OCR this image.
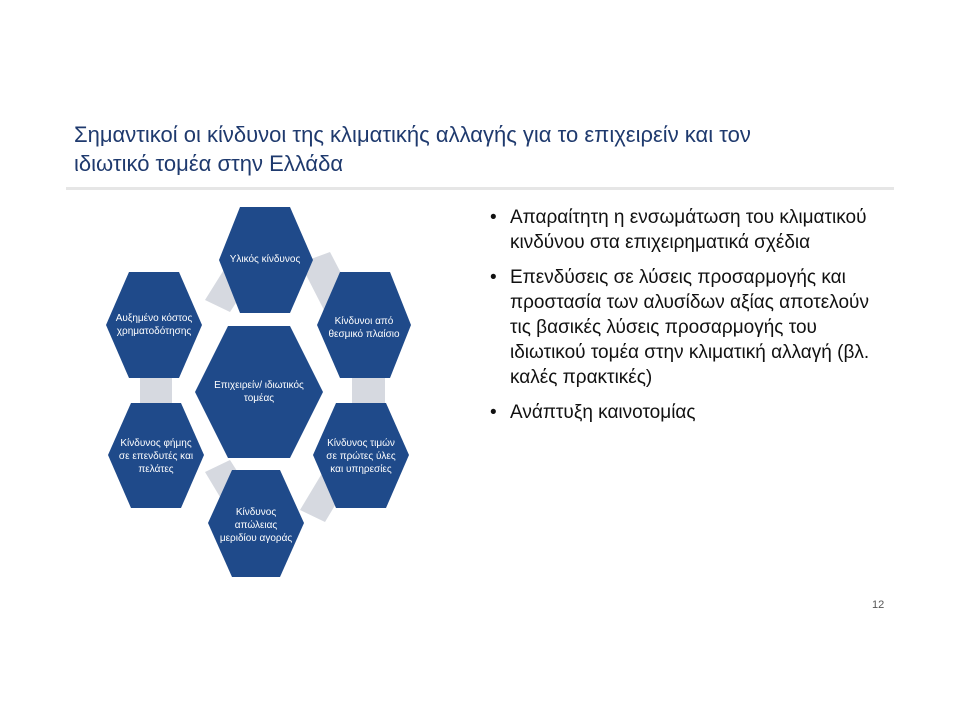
Σημαντικοί οι κίνδυνοι της κλιματικής αλλαγής για το επιχειρείν και τον
ιδιωτικό τομέα στην Ελλάδα
Υλικός κίνδυνος
Κίνδυνοι από
θεσμικό πλαίσιο
Κίνδυνος τιμών
σε πρώτες ύλες
και υπηρεσίες
Κίνδυνος
απώλειας
μεριδίου αγοράς
Κίνδυνος φήμης
σε επενδυτές και
πελάτες
Αυξημένο κόστος
χρηματοδότησης
Επιχειρείν/ ιδιωτικός
τομέας
• Απαραίτητη η ενσωμάτωση του κλιματικού κινδύνου στα επιχειρηματικά σχέδια
• Επενδύσεις σε λύσεις προσαρμογής και προστασία των αλυσίδων αξίας αποτελούν τις βασικές λύσεις προσαρμογής του ιδιωτικού τομέα στην κλιματική αλλαγή (βλ. καλές πρακτικές)
• Ανάπτυξη καινοτομίας
12
